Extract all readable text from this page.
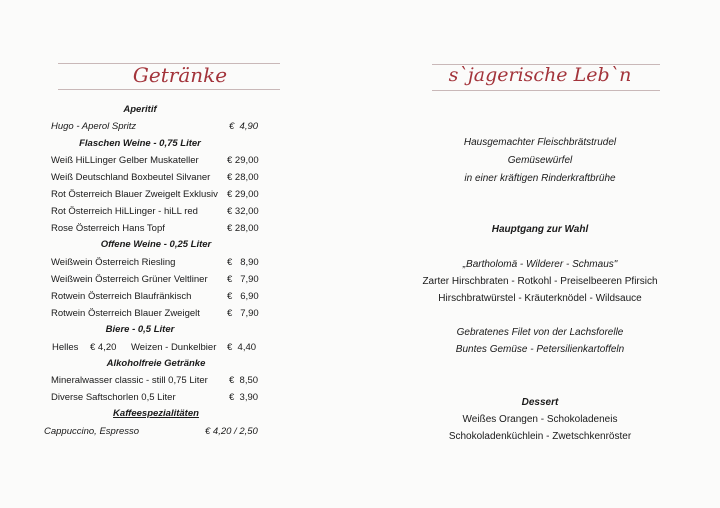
Getränke
Aperitif
Hugo - Aperol Spritz	€  4,90
Flaschen Weine - 0,75 Liter
Weiß HiLLinger Gelber Muskateller	€ 29,00
Weiß Deutschland Boxbeutel Silvaner € 28,00
Rot Österreich Blauer Zweigelt Exklusiv € 29,00
Rot Österreich HiLLinger - hiLL red	€ 32,00
Rose Österreich Hans Topf	€ 28,00
Offene Weine - 0,25 Liter
Weißwein Österreich Riesling	€   8,90
Weißwein Österreich Grüner Veltliner €   7,90
Rotwein Österreich Blaufränkisch	€   6,90
Rotwein Österreich Blauer Zweigelt	€   7,90
Biere - 0,5 Liter
Helles € 4,20 Weizen - Dunkelbier €  4,40
Alkoholfreie Getränke
Mineralwasser classic - still 0,75 Liter €  8,50
Diverse Saftschorlen 0,5 Liter	€  3,90
Kaffeespezialitäten
Cappuccino, Espresso	€ 4,20 / 2,50
s`jagerische Leb`n
Hausgemachter Fleischbrätstrudel
Gemüsewürfel
in einer kräftigen Rinderkraftbrühe
Hauptgang zur Wahl
„Bartholomä - Wilderer - Schmaus"
Zarter Hirschbraten - Rotkohl - Preiselbeeren Pfirsich
Hirschbratwürstel - Kräuterknödel - Wildsauce
Gebratenes Filet von der Lachsforelle
Buntes Gemüse - Petersilienkartoffeln
Dessert
Weißes Orangen - Schokoladeneis
Schokoladenküchlein - Zwetschkenröster
